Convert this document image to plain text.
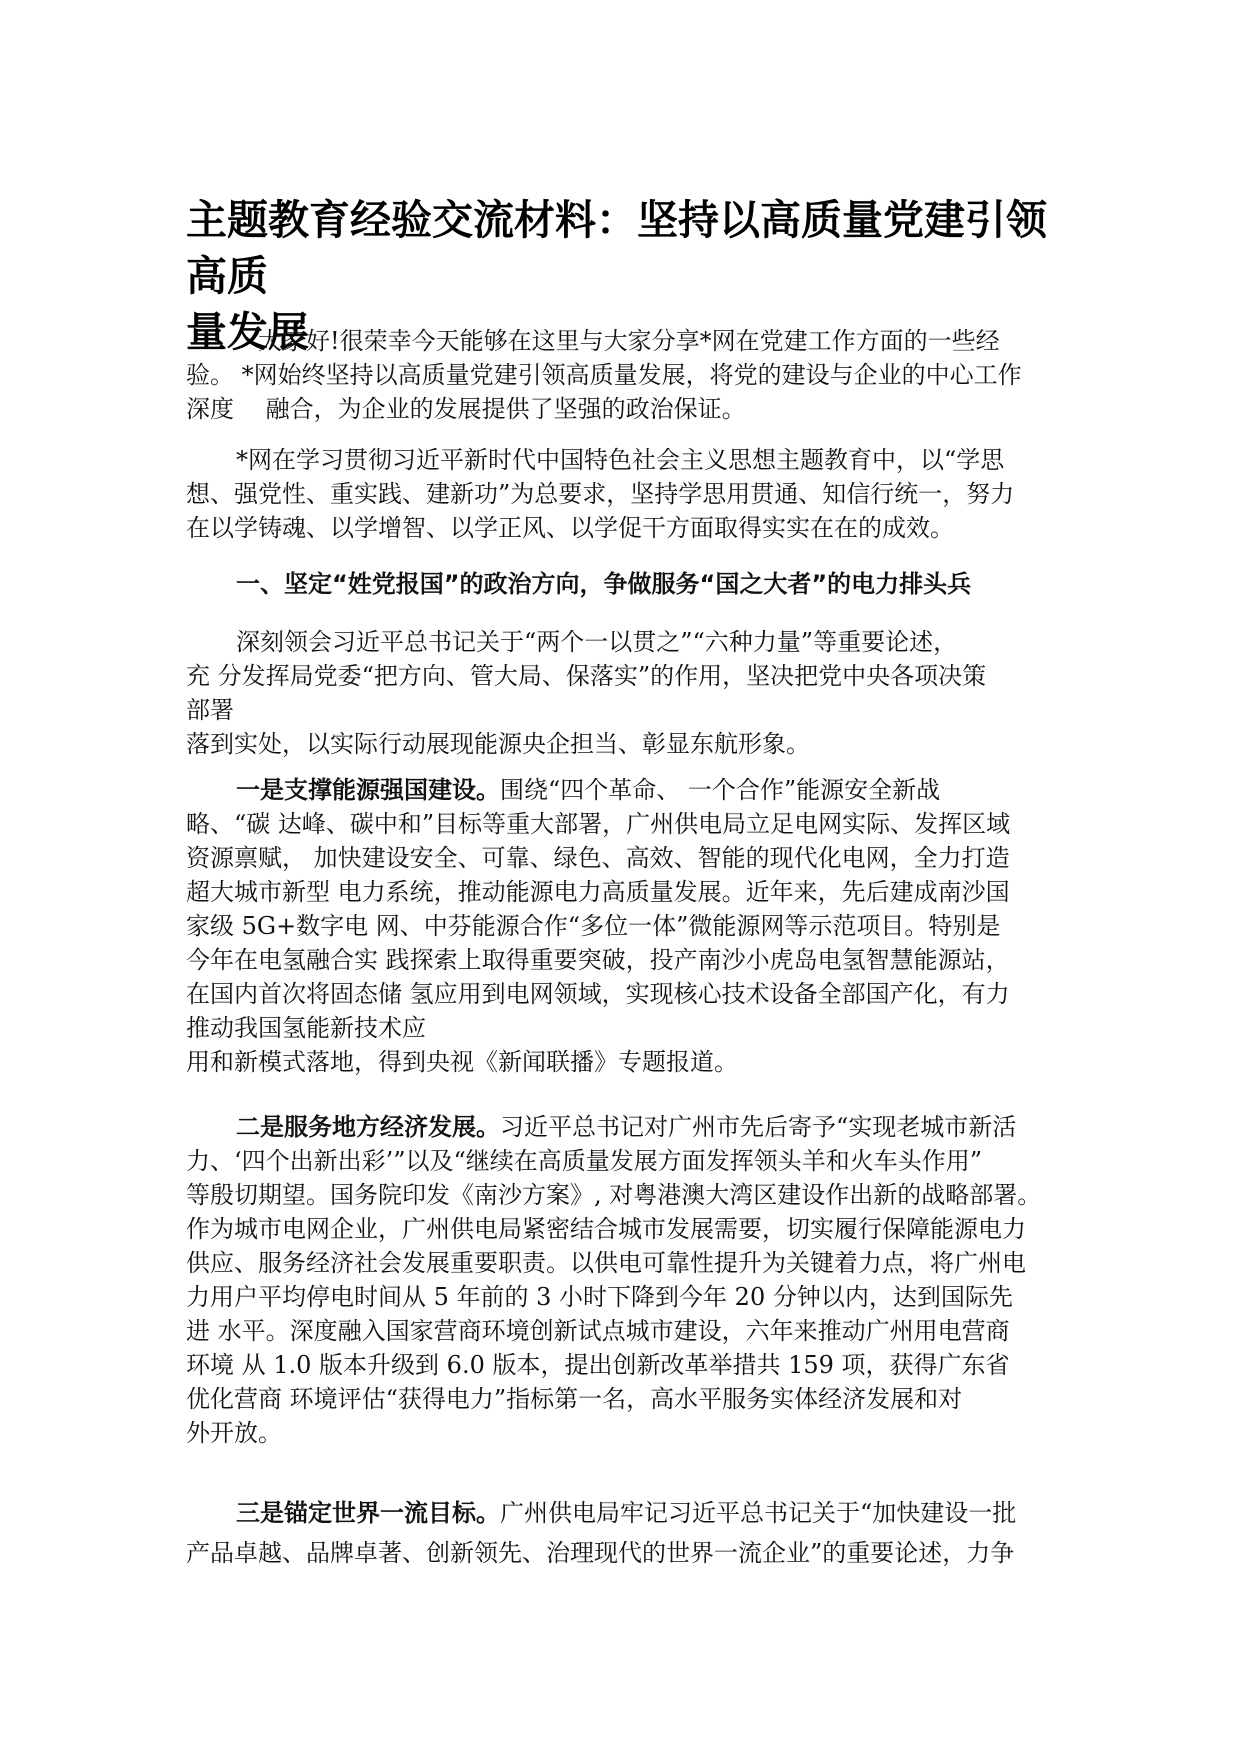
主题教育经验交流材料：坚持以高质量党建引领高质
量发展
大家好!很荣幸今天能够在这里与大家分享*网在党建工作方面的一些经
验。 *网始终坚持以高质量党建引领高质量发展，将党的建设与企业的中心工作
深度　 融合，为企业的发展提供了坚强的政治保证。
*网在学习贯彻习近平新时代中国特色社会主义思想主题教育中，以“学思
想、强党性、重实践、建新功”为总要求，坚持学思用贯通、知信行统一，努力
在以学铸魂、以学增智、以学正风、以学促干方面取得实实在在的成效。
一、坚定“姓党报国”的政治方向，争做服务“国之大者”的电力排头兵
深刻领会习近平总书记关于“两个一以贯之”“六种力量”等重要论述，
充 分发挥局党委“把方向、管大局、保落实”的作用，坚决把党中央各项决策
部署
落到实处，以实际行动展现能源央企担当、彰显东航形象。
一是支撑能源强国建设。围绕“四个革命、 一个合作”能源安全新战
略、“碳 达峰、碳中和”目标等重大部署，广州供电局立足电网实际、发挥区域
资源禀赋， 加快建设安全、可靠、绿色、高效、智能的现代化电网，全力打造
超大城市新型 电力系统，推动能源电力高质量发展。近年来，先后建成南沙国
家级 5G+数字电 网、中芬能源合作“多位一体”微能源网等示范项目。特别是
今年在电氢融合实 践探索上取得重要突破，投产南沙小虎岛电氢智慧能源站，
在国内首次将固态储 氢应用到电网领域，实现核心技术设备全部国产化，有力
推动我国氢能新技术应
用和新模式落地，得到央视《新闻联播》专题报道。
二是服务地方经济发展。习近平总书记对广州市先后寄予“实现老城市新活
力、‘四个出新出彩’”以及“继续在高质量发展方面发挥领头羊和火车头作用”
等殷切期望。国务院印发《南沙方案》, 对粤港澳大湾区建设作出新的战略部署。
作为城市电网企业，广州供电局紧密结合城市发展需要，切实履行保障能源电力
供应、服务经济社会发展重要职责。以供电可靠性提升为关键着力点，将广州电
力用户平均停电时间从 5 年前的 3 小时下降到今年 20 分钟以内，达到国际先
进 水平。深度融入国家营商环境创新试点城市建设，六年来推动广州用电营商
环境 从 1.0 版本升级到 6.0 版本，提出创新改革举措共 159 项，获得广东省
优化营商 环境评估“获得电力”指标第一名，高水平服务实体经济发展和对
外开放。
三是锚定世界一流目标。广州供电局牢记习近平总书记关于“加快建设一批
产品卓越、品牌卓著、创新领先、治理现代的世界一流企业”的重要论述，力争
